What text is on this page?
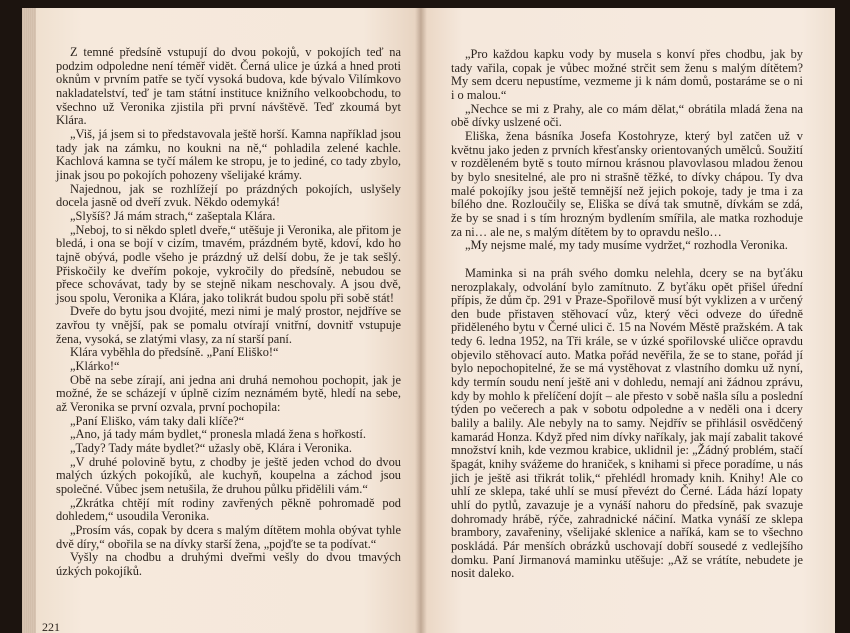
Z temné předsíně vstupují do dvou pokojů, v pokojích teď na podzim odpoledne není téměř vidět. Černá ulice je úzká a hned proti oknům v prvním patře se tyčí vysoká budova, kde bývalo Vilímkovo nakladatelství, teď je tam státní instituce knižního velkoobchodu, to všechno už Veronika zjistila při první návštěvě. Teď zkoumá byt Klára.

„Viš, já jsem si to představovala ještě horší. Kamna například jsou tady jak na zámku, no koukni na ně,“ pohladila zelené kachle. Kachlová kamna se tyčí málem ke stropu, je to jediné, co tady zbylo, jinak jsou po pokojích pohozeny všelijaké krámy.

Najednou, jak se rozhlížejí po prázdných pokojích, uslyšely docela jasně od dveří zvuk. Někdo odemyká!

„Slyšíš? Já mám strach,“ zašeptala Klára.

„Neboj, to si někdo spletl dveře,“ utěšuje ji Veronika, ale přitom je bledá, i ona se bojí v cizím, tmavém, prázdném bytě, kdoví, kdo ho tajně obývá, podle všeho je prázdný už delší dobu, že je tak sešlý. Přiskočily ke dveřím pokoje, vykročily do předsíně, nebudou se přece schovávat, tady by se stejně nikam neschovaly. A jsou dvě, jsou spolu, Veronika a Klára, jako tolikrát budou spolu při sobě stát!

Dveře do bytu jsou dvojité, mezi nimi je malý prostor, nejdříve se zavřou ty vnější, pak se pomalu otvírají vnitřní, dovnitř vstupuje žena, vysoká, se zlatými vlasy, za ní starší paní.

Klára vyběhla do předsíně. „Paní Eliško!“

„Klárko!“

Obě na sebe zírají, ani jedna ani druhá nemohou pochopit, jak je možné, že se scházejí v úplně cizím neznámém bytě, hledí na sebe, až Veronika se první ozvala, první pochopila:

„Paní Eliško, vám taky dali klíče?“

„Ano, já tady mám bydlet,“ pronesla mladá žena s hořkostí.

„Tady? Tady máte bydlet?“ užasly obě, Klára i Veronika.

„V druhé polovině bytu, z chodby je ještě jeden vchod do dvou malých úzkých pokojíků, ale kuchyň, koupelna a záchod jsou společné. Vůbec jsem netušila, že druhou půlku přidělili vám.“

„Zkrátka chtějí mít rodiny zavřených pěkně pohromadě pod dohledem,“ usoudila Veronika.

„Prosím vás, copak by dcera s malým dítětem mohla obývat tyhle dvě díry,“ obořila se na dívky starší žena, „pojďte se ta podívat.“

Vyšly na chodbu a druhými dveřmi vešly do dvou tmavých úzkých pokojíků.

221

„Pro každou kapku vody by musela s konví přes chodbu, jak by tady vařila, copak je vůbec možné strčit sem ženu s malým dítětem? My sem dceru nepustíme, vezmeme ji k nám domů, postaráme se o ni i o malou.“

„Nechce se mi z Prahy, ale co mám dělat,“ obrátila mladá žena na obě dívky uslzené oči.

Eliška, žena básníka Josefa Kostohryze, který byl zatčen už v květnu jako jeden z prvních křesťansky orientovaných umělců. Soužití v rozděleném bytě s touto mírnou krásnou plavovlasou mladou ženou by bylo snesitelné, ale pro ni strašně těžké, to dívky chápou. Ty dva malé pokojíky jsou ještě temnější než jejich pokoje, tady je tma i za bílého dne. Rozloučily se, Eliška se dívá tak smutně, dívkám se zdá, že by se snad i s tím hrozným bydlením smířila, ale matka rozhoduje za ni… ale ne, s malým dítětem by to opravdu nešlo…

„My nejsme malé, my tady musíme vydržet,“ rozhodla Veronika.

Maminka si na práh svého domku nelehla, dcery se na byťáku nerozplakaly, odvolání bylo zamítnuto. Z byťáku opět přišel úřední přípis, že dům čp. 291 v Praze-Spořilově musí být vyklizen a v určený den bude přistaven stěhovací vůz, který věci odveze do úředně přiděleného bytu v Černé ulici č. 15 na Novém Městě pražském. A tak tedy 6. ledna 1952, na Tři krále, se v úzké spořilovské uličce opravdu objevilo stěhovací auto. Matka pořád nevěřila, že se to stane, pořád jí bylo nepochopitelné, že se má vystěhovat z vlastního domku už nyní, kdy termín soudu není ještě ani v dohledu, nemají ani žádnou zprávu, kdy by mohlo k přelíčení dojít – ale přesto v sobě našla sílu a poslední týden po večerech a pak v sobotu odpoledne a v neděli ona i dcery balily a balily. Ale nebyly na to samy. Nejdřív se přihlásil osvědčený kamarád Honza. Když před nim dívky naříkaly, jak mají zabalit takové množství knih, kde vezmou krabice, uklidnil je: „Žádný problém, stačí špagát, knihy svážeme do hraniček, s knihami si přece poradíme, u nás jich je ještě asi třikrát tolik,“ přehlédl hromady knih. Knihy! Ale co uhlí ze sklepa, také uhlí se musí převézt do Černé. Láda hází lopaty uhlí do pytlů, zavazuje je a vynáší nahoru do předsíně, pak svazuje dohromady hrábě, rýče, zahradnické náčiní. Matka vynáší ze sklepa brambory, zavařeniny, všelijaké sklenice a naříká, kam se to všechno poskládá. Pár menších obrázků uschovají dobří sousedé z vedlejšího domku. Paní Jirmanová maminku utěšuje: „Až se vrátíte, nebudete je nosit daleko.
